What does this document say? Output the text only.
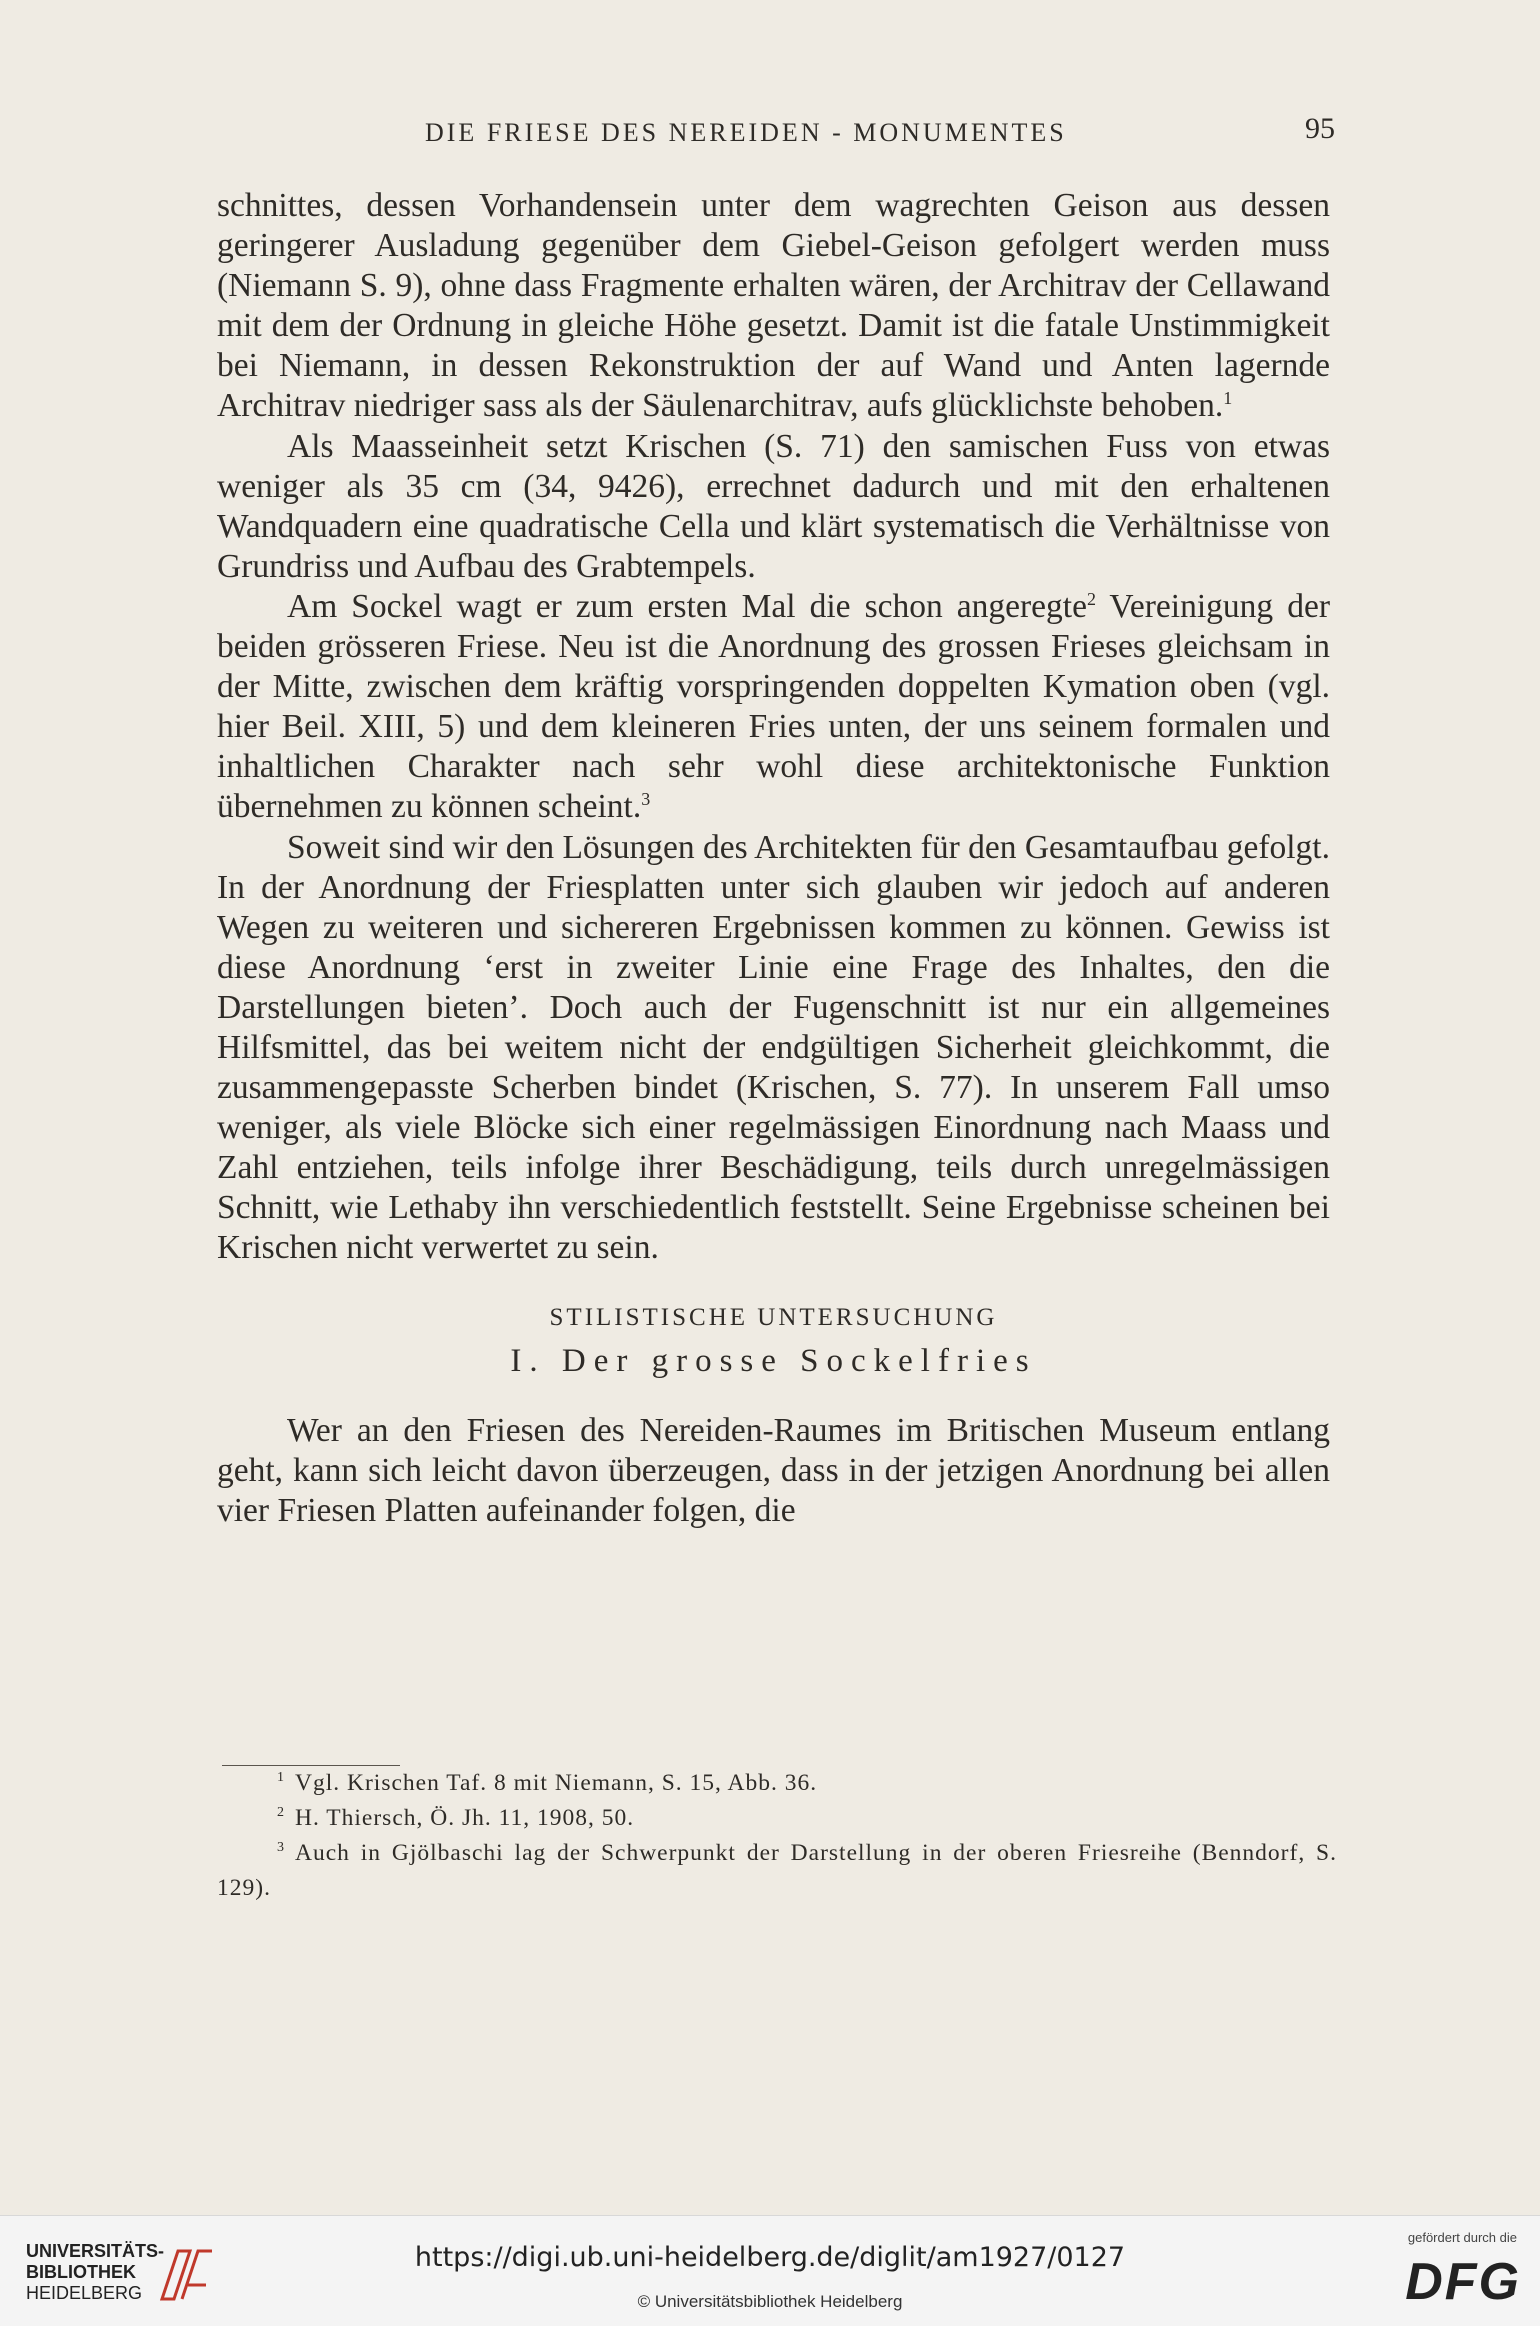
DIE FRIESE DES NEREIDEN - MONUMENTES	95

schnittes, dessen Vorhandensein unter dem wagrechten Geison aus dessen geringerer Ausladung gegenüber dem Giebel-Geison gefolgert werden muss (Niemann S. 9), ohne dass Fragmente erhalten wären, der Architrav der Cellawand mit dem der Ordnung in gleiche Höhe gesetzt. Damit ist die fatale Unstimmigkeit bei Niemann, in dessen Rekonstruktion der auf Wand und Anten lagernde Architrav niedriger sass als der Säulenarchitrav, aufs glücklichste behoben.$^1$

Als Maasseinheit setzt Krischen (S. 71) den samischen Fuss von etwas weniger als 35 cm (34, 9426), errechnet dadurch und mit den erhaltenen Wandquadern eine quadratische Cella und klärt systematisch die Verhältnisse von Grundriss und Aufbau des Grabtempels.

Am Sockel wagt er zum ersten Mal die schon angeregte$^2$ Vereinigung der beiden grösseren Friese. Neu ist die Anordnung des grossen Frieses gleichsam in der Mitte, zwischen dem kräftig vorspringenden doppelten Kymation oben (vgl. hier Beil. XIII, 5) und dem kleineren Fries unten, der uns seinem formalen und inhaltlichen Charakter nach sehr wohl diese architektonische Funktion übernehmen zu können scheint.$^3$

Soweit sind wir den Lösungen des Architekten für den Gesamtaufbau gefolgt. In der Anordnung der Friesplatten unter sich glauben wir jedoch auf anderen Wegen zu weiteren und sichereren Ergebnissen kommen zu können. Gewiss ist diese Anordnung ‘erst in zweiter Linie eine Frage des Inhaltes, den die Darstellungen bieten’. Doch auch der Fugenschnitt ist nur ein allgemeines Hilfsmittel, das bei weitem nicht der endgültigen Sicherheit gleichkommt, die zusammengepasste Scherben bindet (Krischen, S. 77). In unserem Fall umso weniger, als viele Blöcke sich einer regelmässigen Einordnung nach Maass und Zahl entziehen, teils infolge ihrer Beschädigung, teils durch unregelmässigen Schnitt, wie Lethaby ihn verschiedentlich feststellt. Seine Ergebnisse scheinen bei Krischen nicht verwertet zu sein.

STILISTISCHE UNTERSUCHUNG
I. Der grosse Sockelfries

Wer an den Friesen des Nereiden-Raumes im Britischen Museum entlang geht, kann sich leicht davon überzeugen, dass in der jetzigen Anordnung bei allen vier Friesen Platten aufeinander folgen, die

$^1$ Vgl. Krischen Taf. 8 mit Niemann, S. 15, Abb. 36.

$^2$ H. Thiersch, Ö. Jh. 11, 1908, 50.

$^3$ Auch in Gjölbaschi lag der Schwerpunkt der Darstellung in der oberen Friesreihe (Benndorf, S. 129).

UNIVERSITÄTS-
BIBLIOTHEK
HEIDELBERG
https://digi.ub.uni-heidelberg.de/diglit/am1927/0127
© Universitätsbibliothek Heidelberg
gefördert durch die
DFG
